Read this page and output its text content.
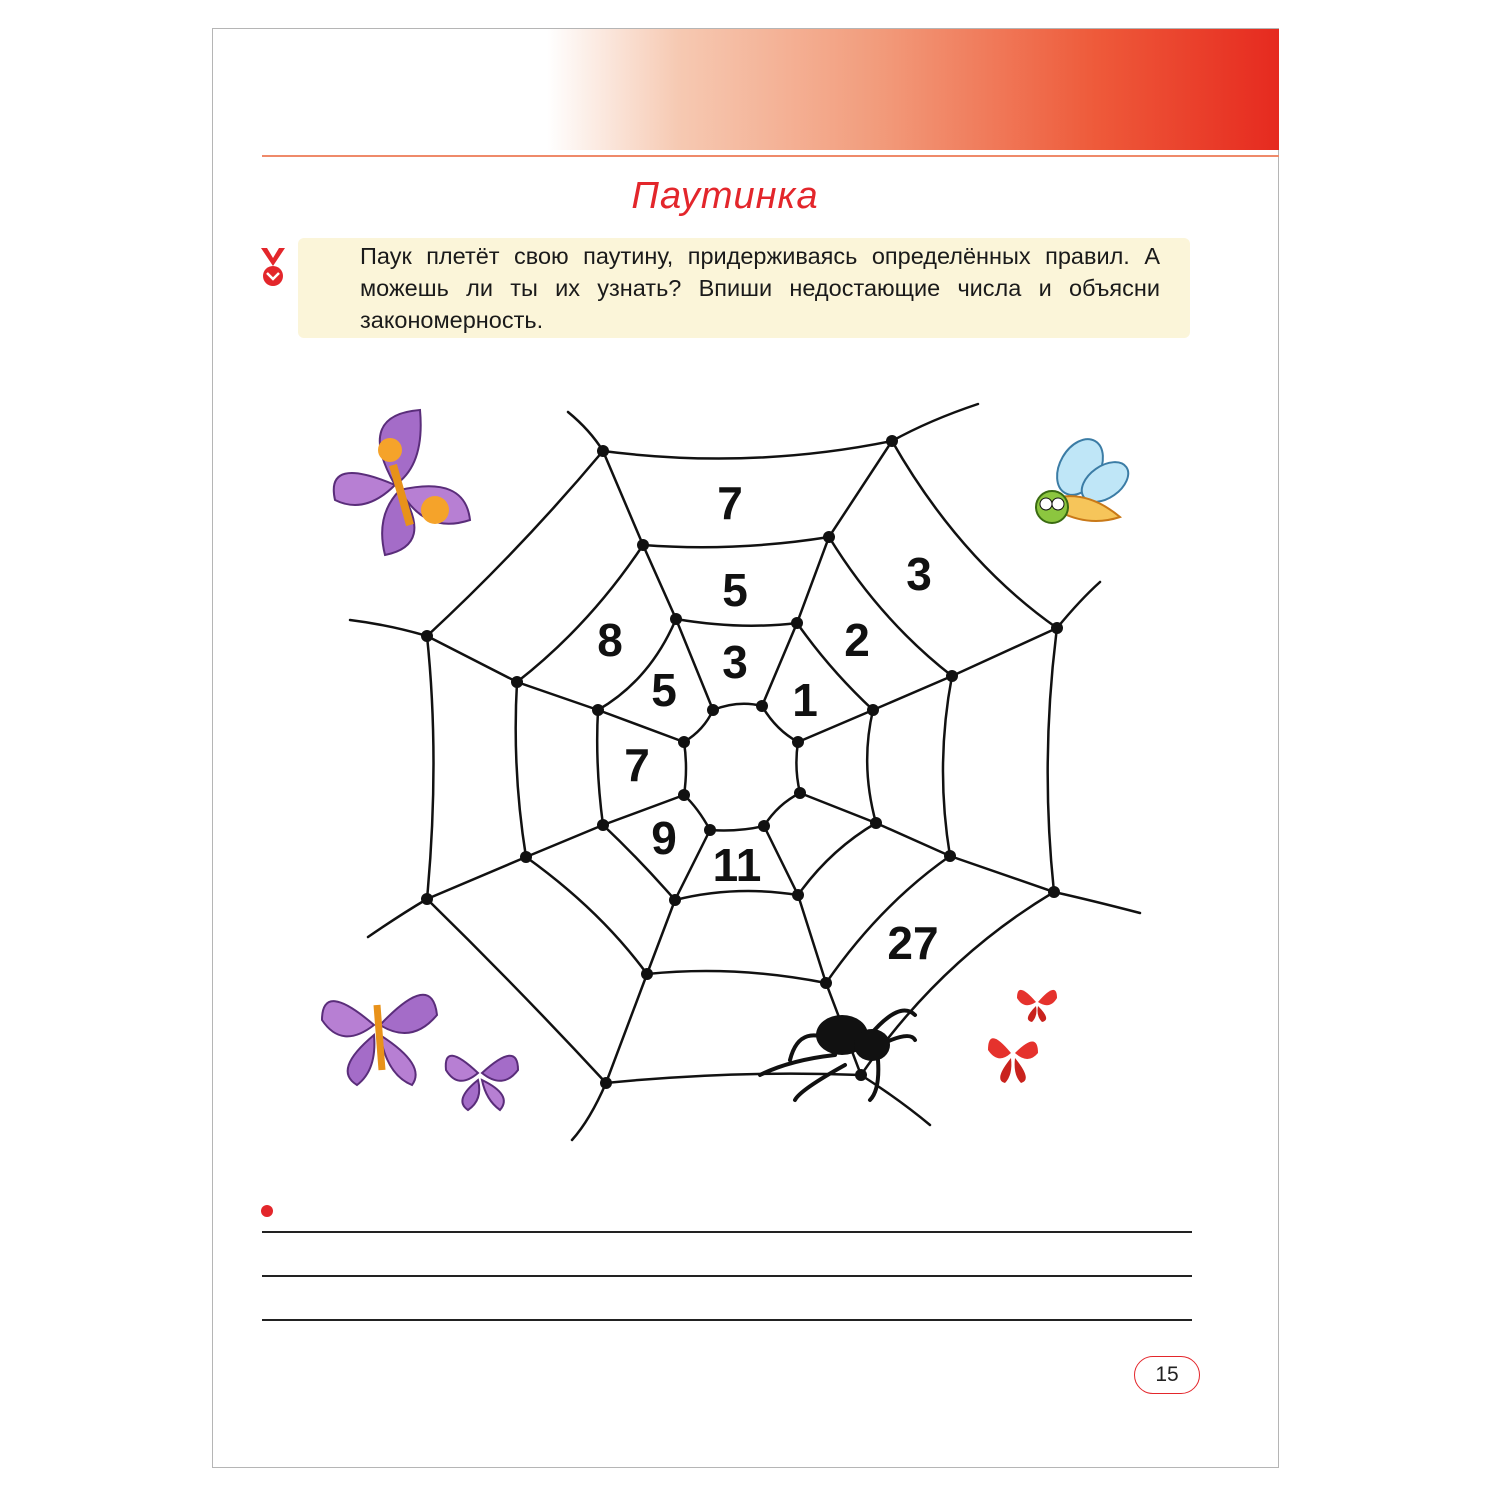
Паутинка
Паук плетёт свою паутину, придерживаясь определённых правил. А можешь ли ты их узнать? Впиши недостающие числа и объясни закономерность.
7
5
3
3
2
1
8
5
7
9
11
27
15
